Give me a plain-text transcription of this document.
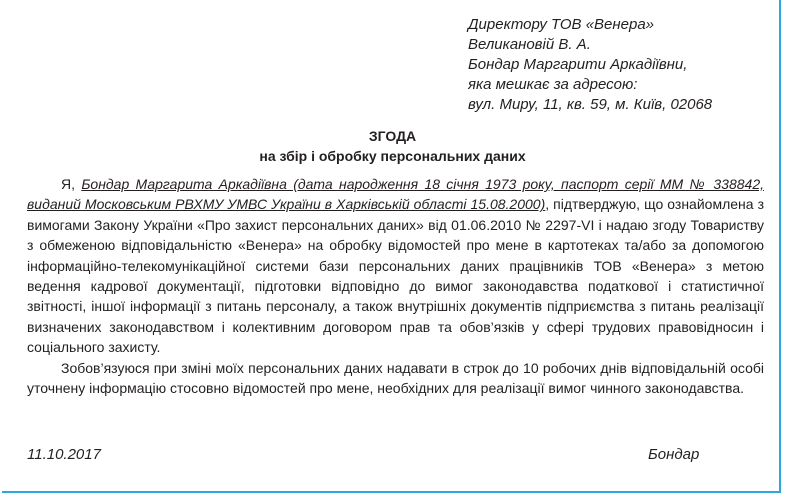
Директору ТОВ «Венера»
Великановій В. А.
Бондар Маргарити Аркадіївни,
яка мешкає за адресою:
вул. Миру, 11, кв. 59, м. Київ, 02068
ЗГОДА
на збір і обробку персональних даних

Я, Бондар Маргарита Аркадіївна (дата народження 18 січня 1973 року, паспорт серії ММ № 338842, виданий Московським РВХМУ УМВС України в Харківській області 15.08.2000), підтверджую, що ознайомлена з вимогами Закону України «Про захист персональних даних» від 01.06.2010 № 2297-VI і надаю згоду Товариству з обмеженою відповідальністю «Венера» на обробку відомостей про мене в картотеках та/або за допомогою інформаційно-телекомунікаційної системи бази персональних даних працівників ТОВ «Венера» з метою ведення кадрової документації, підготовки відповідно до вимог законодавства податкової і статистичної звітності, іншої інформації з питань персоналу, а також внутрішніх документів підприємства з питань реалізації визначених законодавством і колективним договором прав та обов’язків у сфері трудових правовідносин і соціального захисту.

Зобов’язуюся при зміні моїх персональних даних надавати в строк до 10 робочих днів відповідальній особі уточнену інформацію стосовно відомостей про мене, необхідних для реалізації вимог чинного законодавства.

11.10.2017	Бондар
